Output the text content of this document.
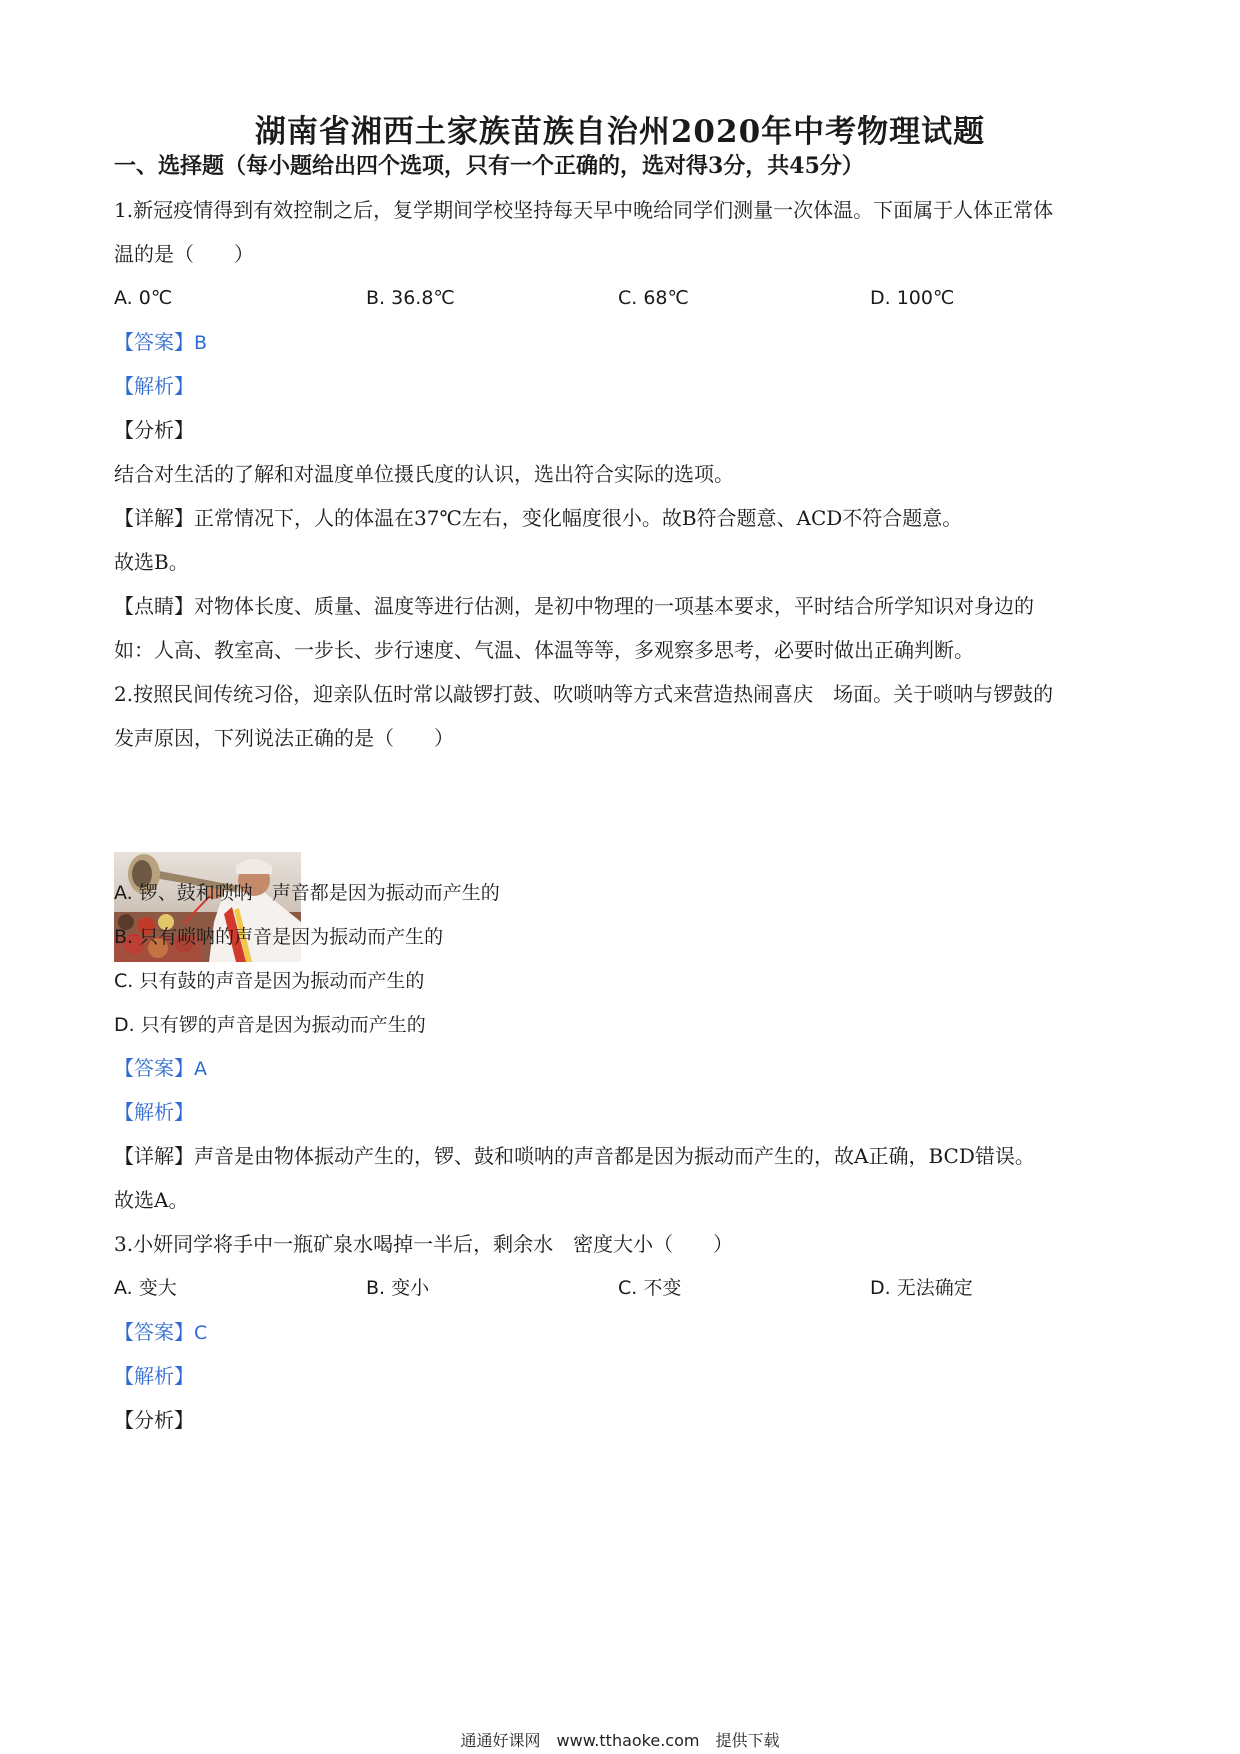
湖南省湘西土家族苗族自治州2020年中考物理试题
一、选择题（每小题给出四个选项，只有一个正确的，选对得3分，共45分）
1.新冠疫情得到有效控制之后，复学期间学校坚持每天早中晚给同学们测量一次体温。下面属于人体正常体
温的是（　　）
A. 0℃	B. 36.8℃	C. 68℃	D. 100℃
【答案】B
【解析】
【分析】
结合对生活的了解和对温度单位摄氏度的认识，选出符合实际的选项。
【详解】正常情况下，人的体温在37℃左右，变化幅度很小。故B符合题意、ACD不符合题意。
故选B。
【点睛】对物体长度、质量、温度等进行估测，是初中物理的一项基本要求，平时结合所学知识对身边的
如：人高、教室高、一步长、步行速度、气温、体温等等，多观察多思考，必要时做出正确判断。
2.按照民间传统习俗，迎亲队伍时常以敲锣打鼓、吹唢呐等方式来营造热闹喜庆　场面。关于唢呐与锣鼓的
发声原因，下列说法正确的是（　　）
A. 锣、鼓和唢呐　声音都是因为振动而产生的
B. 只有唢呐的声音是因为振动而产生的
C. 只有鼓的声音是因为振动而产生的
D. 只有锣的声音是因为振动而产生的
【答案】A
【解析】
【详解】声音是由物体振动产生的，锣、鼓和唢呐的声音都是因为振动而产生的，故A正确，BCD错误。
故选A。
3.小妍同学将手中一瓶矿泉水喝掉一半后，剩余水　密度大小（　　）
A. 变大	B. 变小	C. 不变	D. 无法确定
【答案】C
【解析】
【分析】
通通好课网　www.tthaoke.com　提供下载
